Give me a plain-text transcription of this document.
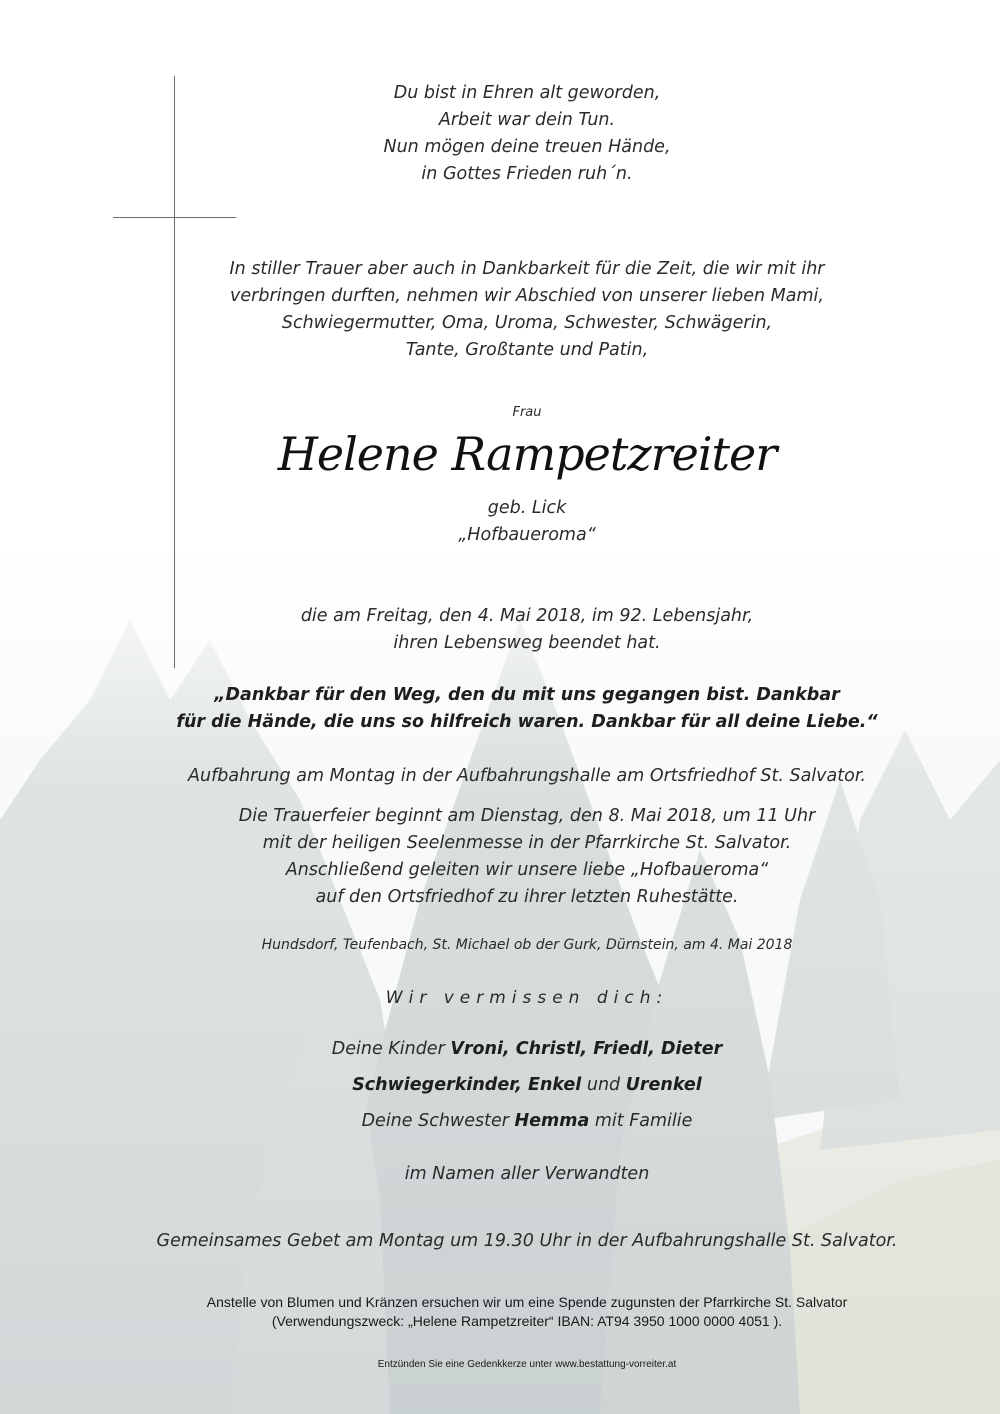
Du bist in Ehren alt geworden,
Arbeit war dein Tun.
Nun mögen deine treuen Hände,
in Gottes Frieden ruh´n.
In stiller Trauer aber auch in Dankbarkeit für die Zeit, die wir mit ihr
verbringen durften, nehmen wir Abschied von unserer lieben Mami,
Schwiegermutter, Oma, Uroma, Schwester, Schwägerin,
Tante, Großtante und Patin,
Frau
Helene Rampetzreiter
geb. Lick
„Hofbaueroma“
die am Freitag, den 4. Mai 2018, im 92. Lebensjahr,
ihren Lebensweg beendet hat.
„Dankbar für den Weg, den du mit uns gegangen bist. Dankbar
für die Hände, die uns so hilfreich waren. Dankbar für all deine Liebe.“
Aufbahrung am Montag in der Aufbahrungshalle am Ortsfriedhof St. Salvator.
Die Trauerfeier beginnt am Dienstag, den 8. Mai 2018, um 11 Uhr
mit der heiligen Seelenmesse in der Pfarrkirche St. Salvator.
Anschließend geleiten wir unsere liebe „Hofbaueroma“
auf den Ortsfriedhof zu ihrer letzten Ruhestätte.
Hundsdorf, Teufenbach, St. Michael ob der Gurk, Dürnstein, am 4. Mai 2018
Wir vermissen dich:
Deine Kinder Vroni, Christl, Friedl, Dieter
Schwiegerkinder, Enkel und Urenkel
Deine Schwester Hemma mit Familie
im Namen aller Verwandten
Gemeinsames Gebet am Montag um 19.30 Uhr in der Aufbahrungshalle St. Salvator.
Anstelle von Blumen und Kränzen ersuchen wir um eine Spende zugunsten der Pfarrkirche St. Salvator
(Verwendungszweck: „Helene Rampetzreiter“ IBAN: AT94 3950 1000 0000 4051 ).
Entzünden Sie eine Gedenkkerze unter www.bestattung-vorreiter.at
